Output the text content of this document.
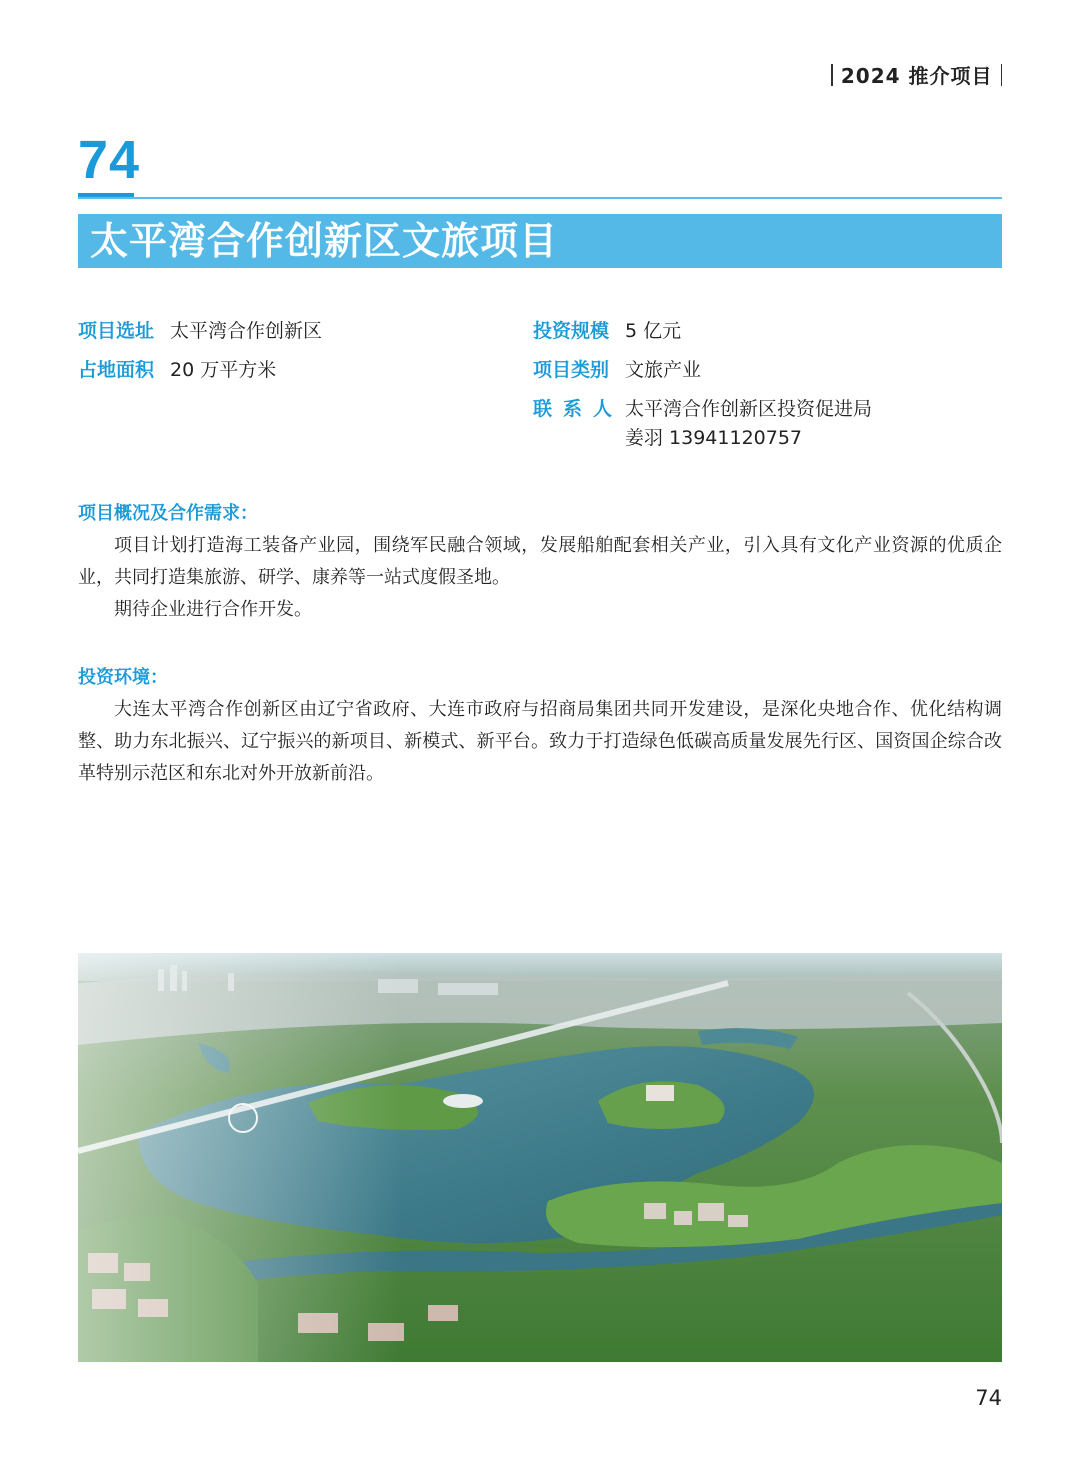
2024 推介项目
74
太平湾合作创新区文旅项目
项目选址 太平湾合作创新区
占地面积 20 万平方米
投资规模 5 亿元
项目类别 文旅产业
联系人 太平湾合作创新区投资促进局
姜羽 13941120757
项目概况及合作需求：

项目计划打造海工装备产业园，围绕军民融合领域，发展船舶配套相关产业，引入具有文化产业资源的优质企业，共同打造集旅游、研学、康养等一站式度假圣地。

期待企业进行合作开发。

投资环境：

大连太平湾合作创新区由辽宁省政府、大连市政府与招商局集团共同开发建设，是深化央地合作、优化结构调整、助力东北振兴、辽宁振兴的新项目、新模式、新平台。致力于打造绿色低碳高质量发展先行区、国资国企综合改革特别示范区和东北对外开放新前沿。

74
